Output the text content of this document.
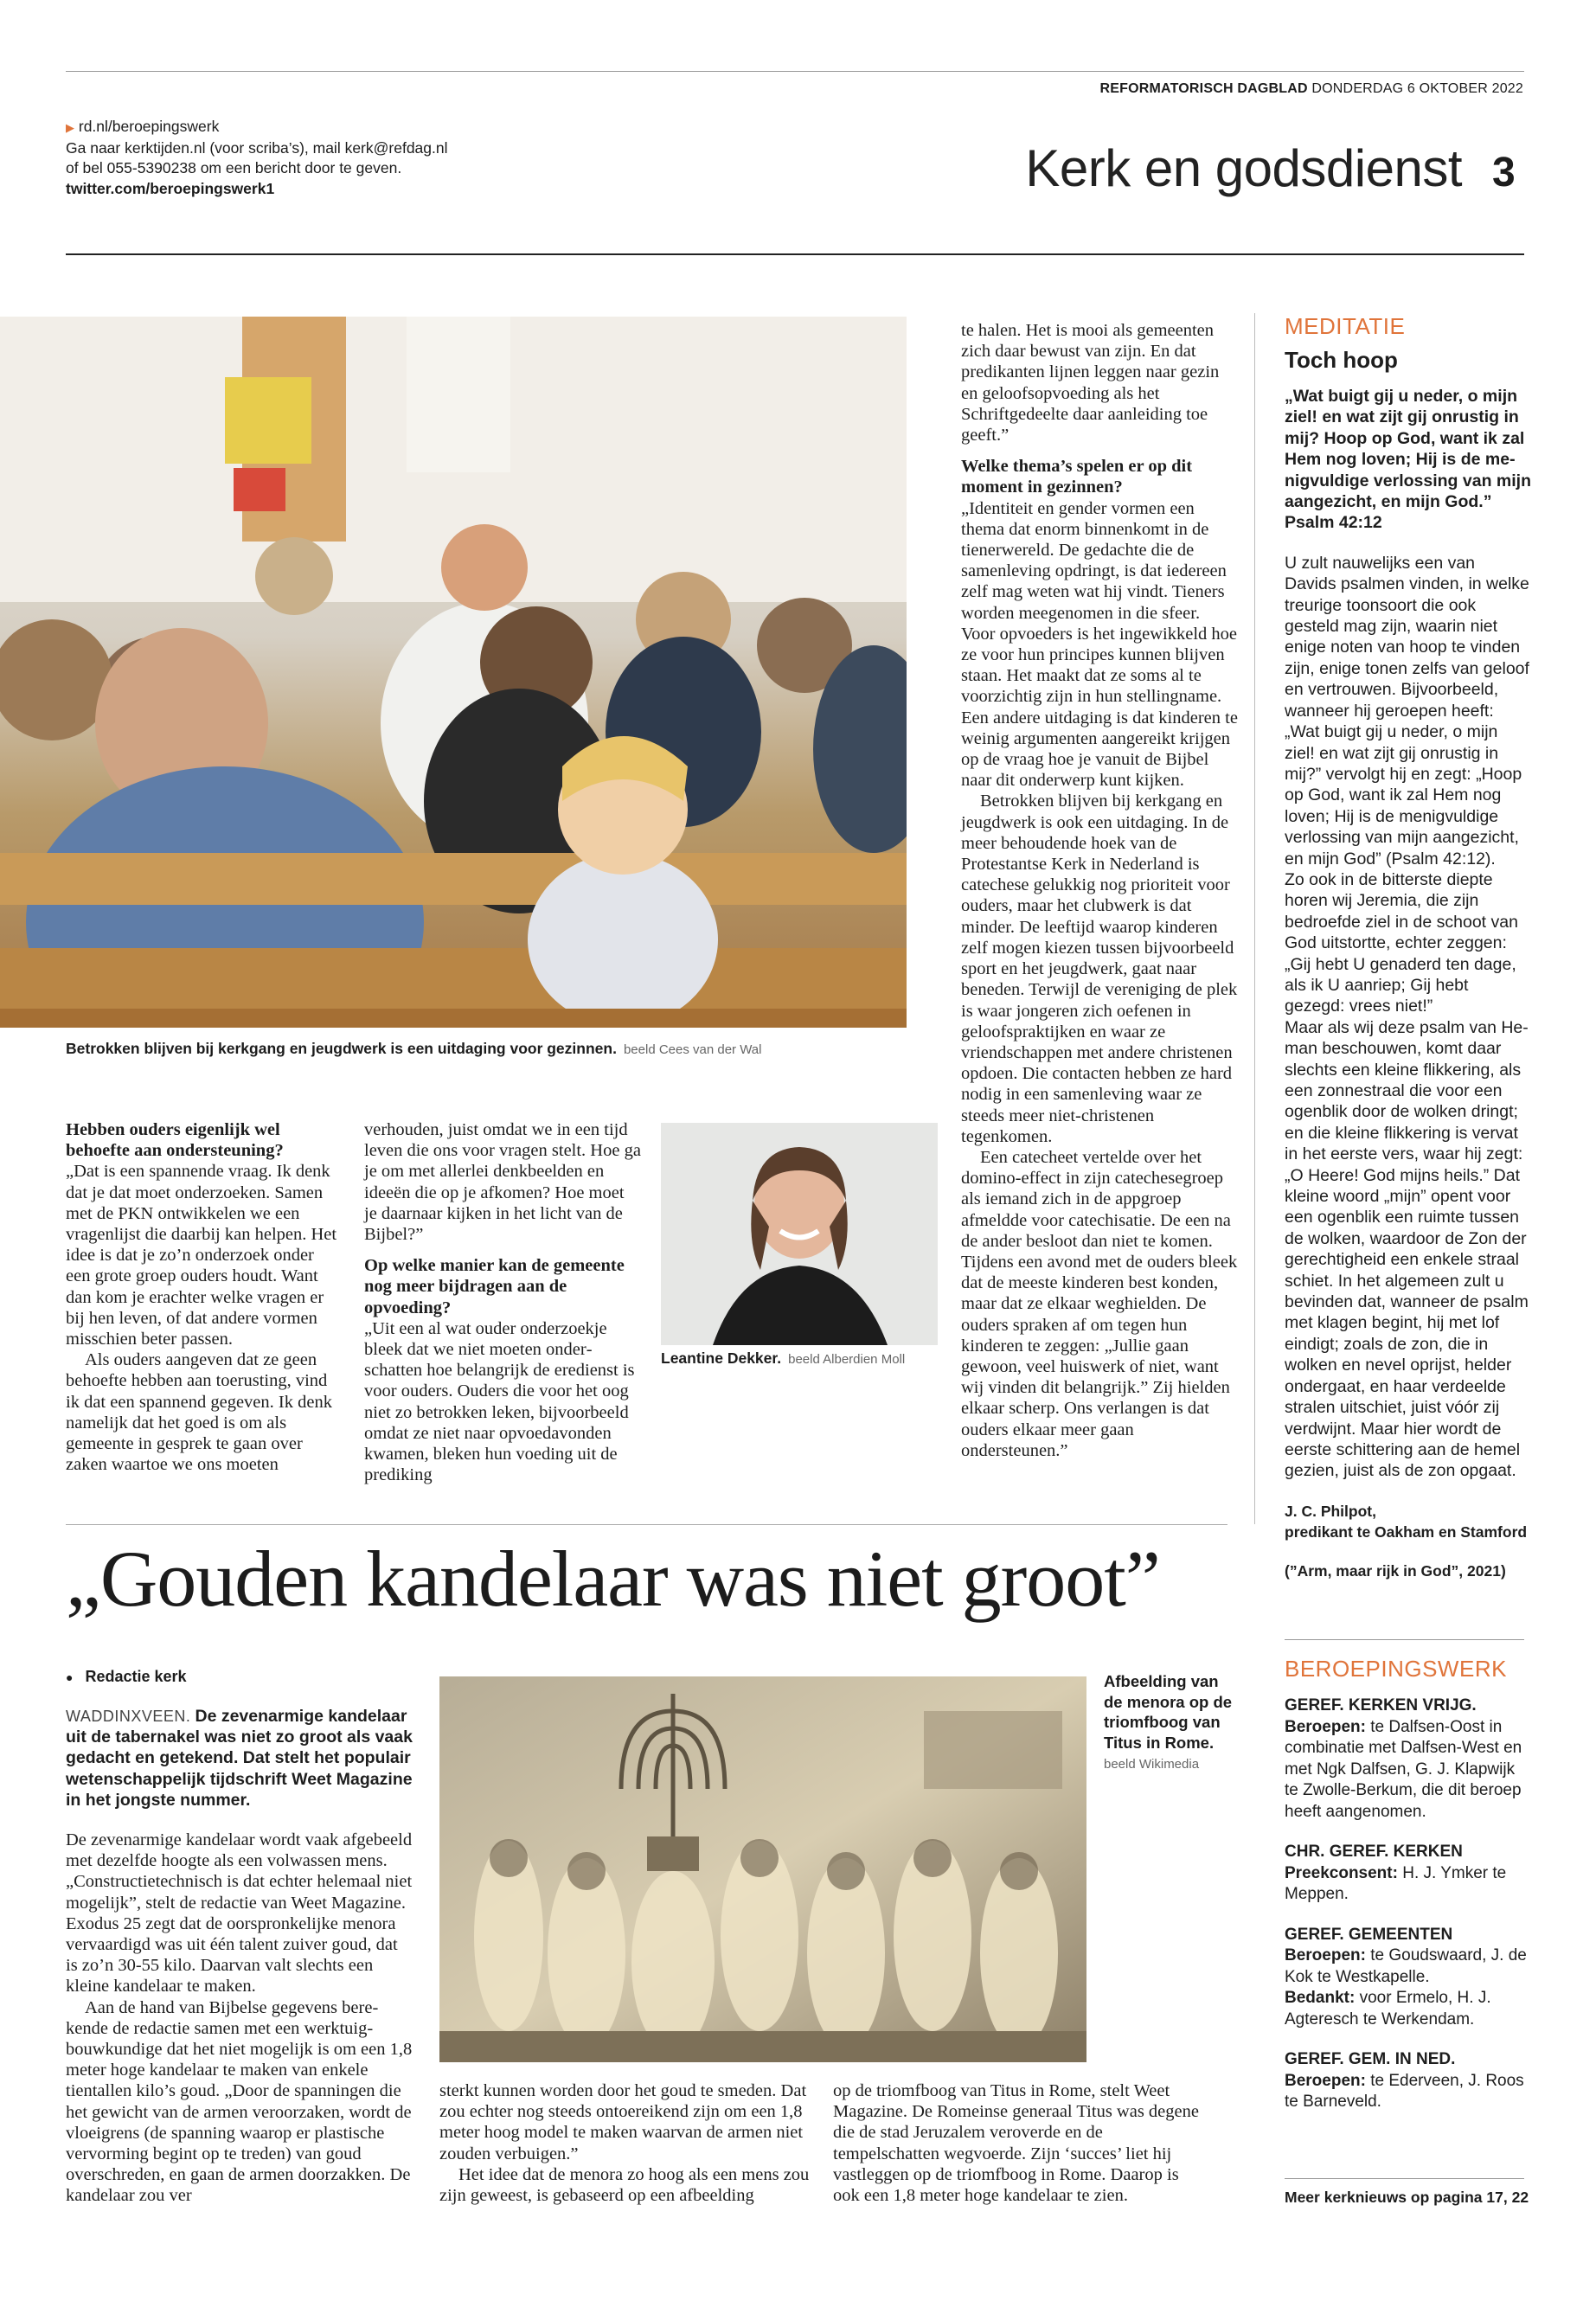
REFORMATORISCH DAGBLAD DONDERDAG 6 OKTOBER 2022
▶ rd.nl/beroepingswerk
Ga naar kerktijden.nl (voor scriba’s), mail kerk@refdag.nl
of bel 055-5390238 om een bericht door te geven.
twitter.com/beroepingswerk1	Kerk en godsdienst 3
Betrokken blijven bij kerkgang en jeugdwerk is een uitdaging voor gezinnen. beeld Cees van der Wal

Hebben ouders eigenlijk wel behoefte aan ondersteuning?

„Dat is een spannende vraag. Ik denk dat je dat moet onderzoeken. Samen met de PKN ontwikkelen we een vragenlijst die daarbij kan helpen. Het idee is dat je zo’n onderzoek onder een grote groep ouders houdt. Want dan kom je erachter welke vragen er bij hen leven, of dat andere vormen misschien beter passen.

Als ouders aangeven dat ze geen behoefte hebben aan toerusting, vind ik dat een spannend gegeven. Ik denk namelijk dat het goed is om als gemeente in gesprek te gaan over zaken waartoe we ons moeten

verhouden, juist omdat we in een tijd leven die ons voor vragen stelt. Hoe ga je om met allerlei denkbeelden en ideeën die op je afkomen? Hoe moet je daarnaar kijken in het licht van de Bijbel?”

Op welke manier kan de gemeente nog meer bijdragen aan de opvoeding?

„Uit een al wat ouder onderzoekje bleek dat we niet moeten onderschatten hoe belangrijk de eredienst is voor ouders. Ouders die voor het oog niet zo betrokken leken, bijvoorbeeld omdat ze niet naar opvoedavonden kwamen, bleken hun voeding uit de prediking

Leantine Dekker. beeld Alberdien Moll

te halen. Het is mooi als gemeenten zich daar bewust van zijn. En dat predikanten lijnen leggen naar gezin en geloofsopvoeding als het Schriftgedeelte daar aanleiding toe geeft.”

Welke thema’s spelen er op dit moment in gezinnen?

„Identiteit en gender vormen een thema dat enorm binnenkomt in de tienerwereld. De gedachte die de samenleving opdringt, is dat iedereen zelf mag weten wat hij vindt. Tieners worden meegenomen in die sfeer. Voor opvoeders is het ingewikkeld hoe ze voor hun principes kunnen blijven staan. Het maakt dat ze soms al te voorzichtig zijn in hun stellingname. Een andere uitdaging is dat kinderen te weinig argumenten aangereikt krijgen op de vraag hoe je vanuit de Bijbel naar dit onderwerp kunt kijken.

Betrokken blijven bij kerkgang en jeugdwerk is ook een uitdaging. In de meer behoudende hoek van de Protestantse Kerk in Nederland is catechese gelukkig nog prioriteit voor ouders, maar het clubwerk is dat minder. De leeftijd waarop kinderen zelf mogen kiezen tussen bijvoorbeeld sport en het jeugdwerk, gaat naar beneden. Terwijl de vereniging de plek is waar jongeren zich oefenen in geloofspraktijken en waar ze vriendschappen met andere christenen opdoen. Die contacten hebben ze hard nodig in een samenleving waar ze steeds meer niet-christenen tegenkomen.

Een catecheet vertelde over het domino-effect in zijn catechesegroep als iemand zich in de appgroep afmeldde voor catechisatie. De een na de ander besloot dan niet te komen. Tijdens een avond met de ouders bleek dat de meeste kinderen best konden, maar dat ze elkaar weghielden. De ouders spraken af om tegen hun kinderen te zeggen: „Jullie gaan gewoon, veel huiswerk of niet, want wij vinden dit belangrijk.” Zij hielden elkaar scherp. Ons verlangen is dat ouders elkaar meer gaan ondersteunen.”

MEDITATIE
Toch hoop

„Wat buigt gij u neder, o mijn ziel! en wat zijt gij onrustig in mij? Hoop op God, want ik zal Hem nog loven; Hij is de menigvuldige verlossing van mijn aangezicht, en mijn God.”

Psalm 42:12

U zult nauwelijks een van Davids psalmen vinden, in welke treurige toonsoort die ook gesteld mag zijn, waarin niet enige noten van hoop te vinden zijn, enige tonen zelfs van geloof en vertrouwen. Bijvoorbeeld, wanneer hij geroepen heeft: „Wat buigt gij u neder, o mijn ziel! en wat zijt gij onrustig in mij?” vervolgt hij en zegt: „Hoop op God, want ik zal Hem nog loven; Hij is de menigvuldige verlossing van mijn aangezicht, en mijn God” (Psalm 42:12).

Zo ook in de bitterste diepte horen wij Jeremia, die zijn bedroefde ziel in de schoot van God uitstortte, echter zeggen: „Gij hebt U genaderd ten dage, als ik U aanriep; Gij hebt gezegd: vrees niet!”

Maar als wij deze psalm van Heman beschouwen, komt daar slechts een kleine flikkering, als een zonnestraal die voor een ogenblik door de wolken dringt; en die kleine flikkering is vervat in het eerste vers, waar hij zegt: „O Heere! God mijns heils.” Dat kleine woord „mijn” opent voor een ogenblik een ruimte tussen de wolken, waardoor de Zon der gerechtigheid een enkele straal schiet. In het algemeen zult u bevinden dat, wanneer de psalm met klagen begint, hij met lof eindigt; zoals de zon, die in wolken en nevel oprijst, helder ondergaat, en haar verdeelde stralen uitschiet, juist vóór zij verdwijnt. Maar hier wordt de eerste schittering aan de hemel gezien, juist als de zon opgaat.

J. C. Philpot,

predikant te Oakham en Stamford

(”Arm, maar rijk in God”, 2021)

„Gouden kandelaar was niet groot”
● Redactie kerk

WADDINXVEEN. De zevenarmige kandelaar uit de tabernakel was niet zo groot als vaak gedacht en getekend. Dat stelt het populair wetenschappelijk tijdschrift Weet Magazine in het jongste nummer.

De zevenarmige kandelaar wordt vaak afgebeeld met dezelfde hoogte als een volwassen mens. „Constructietechnisch is dat echter helemaal niet mogelijk”, stelt de redactie van Weet Magazine. Exodus 25 zegt dat de oorspronkelijke menora vervaardigd was uit één talent zuiver goud, dat is zo’n 30-55 kilo. Daarvan valt slechts een kleine kandelaar te maken.

Aan de hand van Bijbelse gegevens berekende de redactie samen met een werktuigbouwkundige dat het niet mogelijk is om een 1,8 meter hoge kandelaar te maken van enkele tientallen kilo’s goud. „Door de spanningen die het gewicht van de armen veroorzaken, wordt de vloeigrens (de spanning waarop er plastische vervorming begint op te treden) van goud overschreden, en gaan de armen doorzakken. De kandelaar zou ver

Afbeelding van de menora op de triomfboog van Titus in Rome. beeld Wikimedia

sterkt kunnen worden door het goud te smeden. Dat zou echter nog steeds ontoereikend zijn om een 1,8 meter hoog model te maken waarvan de armen niet zouden verbuigen.”

Het idee dat de menora zo hoog als een mens zou zijn geweest, is gebaseerd op een afbeelding

op de triomfboog van Titus in Rome, stelt Weet Magazine. De Romeinse generaal Titus was degene die de stad Jeruzalem veroverde en de tempelschatten wegvoerde. Zijn ‘succes’ liet hij vastleggen op de triomfboog in Rome. Daarop is ook een 1,8 meter hoge kandelaar te zien.

BEROEPINGSWERK
GEREF. KERKEN VRIJG.
Beroepen: te Dalfsen-Oost in combinatie met Dalfsen-West en met Ngk Dalfsen, G. J. Klapwijk te Zwolle-Berkum, die dit beroep heeft aangenomen.
CHR. GEREF. KERKEN
Preekconsent: H. J. Ymker te Meppen.
GEREF. GEMEENTEN
Beroepen: te Goudswaard, J. de Kok te Westkapelle.
Bedankt: voor Ermelo, H. J. Agteresch te Werkendam.
GEREF. GEM. IN NED.
Beroepen: te Ederveen, J. Roos te Barneveld.
Meer kerknieuws op pagina 17, 22
